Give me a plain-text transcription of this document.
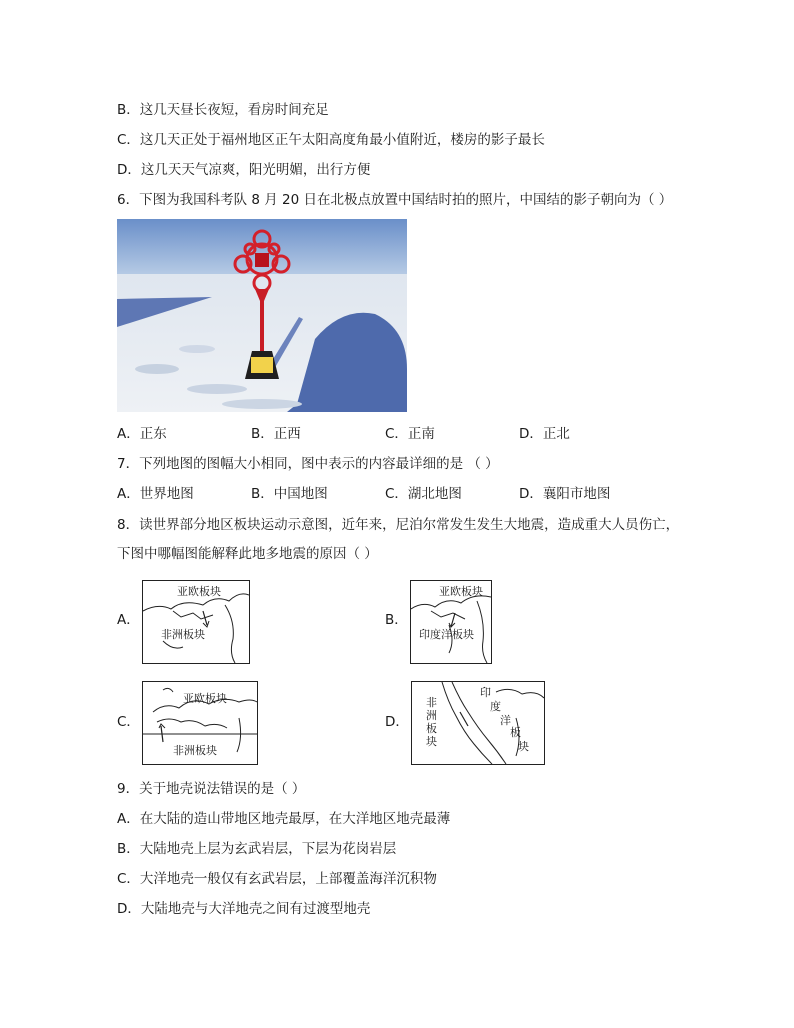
B．这几天昼长夜短，看房时间充足
C．这几天正处于福州地区正午太阳高度角最小值附近，楼房的影子最长
D．这几天天气凉爽，阳光明媚，出行方便
6．下图为我国科考队 8 月 20 日在北极点放置中国结时拍的照片，中国结的影子朝向为（ ）
A．正东	B．正西	C．正南	D．正北
7．下列地图的图幅大小相同，图中表示的内容最详细的是 （ ）
A．世界地图	B．中国地图	C．湖北地图	D．襄阳市地图
8．读世界部分地区板块运动示意图，近年来，尼泊尔常发生发生大地震，造成重大人员伤亡，
下图中哪幅图能解释此地多地震的原因（ ）
A．
亚欧板块
非洲板块
B．
亚欧板块
印度洋板块
C．
亚欧板块
非洲板块
D．
非洲板块
印
度
洋
板
块
9．关于地壳说法错误的是（ ）
A．在大陆的造山带地区地壳最厚，在大洋地区地壳最薄
B．大陆地壳上层为玄武岩层，下层为花岗岩层
C．大洋地壳一般仅有玄武岩层，上部覆盖海洋沉积物
D．大陆地壳与大洋地壳之间有过渡型地壳
